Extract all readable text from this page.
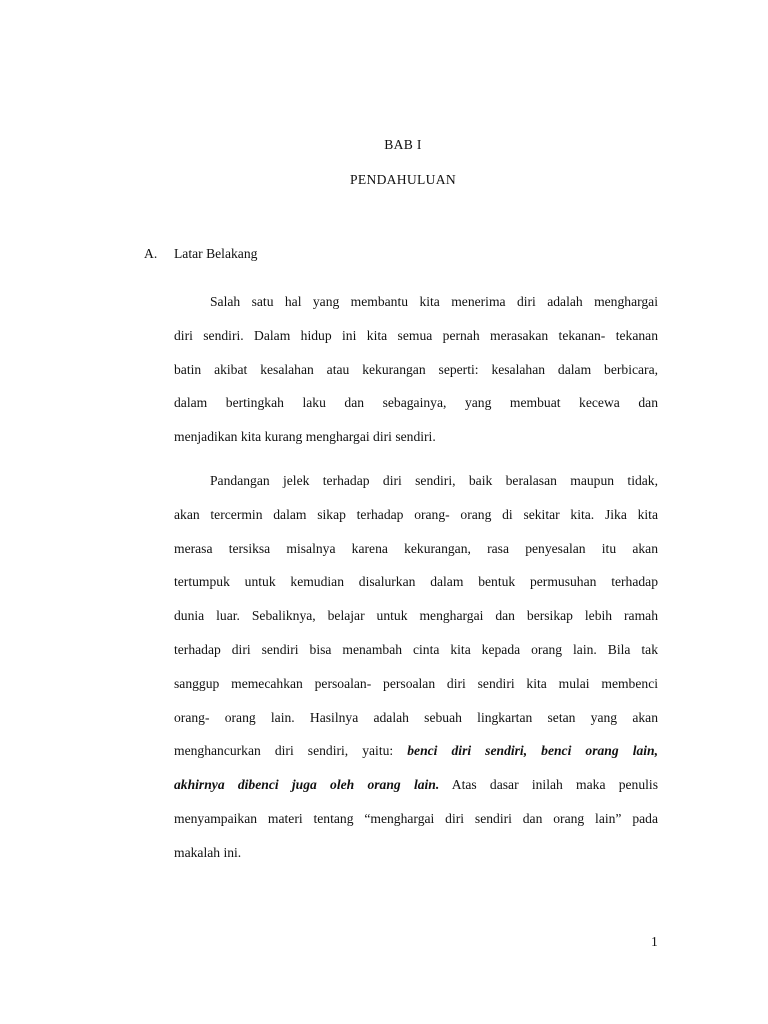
BAB I
PENDAHULUAN
A. Latar Belakang
Salah satu hal yang membantu kita menerima diri adalah menghargai
diri sendiri. Dalam hidup ini kita semua pernah merasakan tekanan- tekanan
batin akibat kesalahan atau kekurangan seperti: kesalahan dalam berbicara,
dalam bertingkah laku dan sebagainya, yang membuat kecewa dan
menjadikan kita kurang menghargai diri sendiri.
Pandangan jelek terhadap diri sendiri, baik beralasan maupun tidak,
akan tercermin dalam sikap terhadap orang- orang di sekitar kita. Jika kita
merasa tersiksa misalnya karena kekurangan, rasa penyesalan itu akan
tertumpuk untuk kemudian disalurkan dalam bentuk permusuhan terhadap
dunia luar. Sebaliknya, belajar untuk menghargai dan bersikap lebih ramah
terhadap diri sendiri bisa menambah cinta kita kepada orang lain. Bila tak
sanggup memecahkan persoalan- persoalan diri sendiri kita mulai membenci
orang- orang lain. Hasilnya adalah sebuah lingkartan setan yang akan
menghancurkan diri sendiri, yaitu: benci diri sendiri, benci orang lain,
akhirnya dibenci juga oleh orang lain. Atas dasar inilah maka penulis
menyampaikan materi tentang “menghargai diri sendiri dan orang lain” pada
makalah ini.
1
